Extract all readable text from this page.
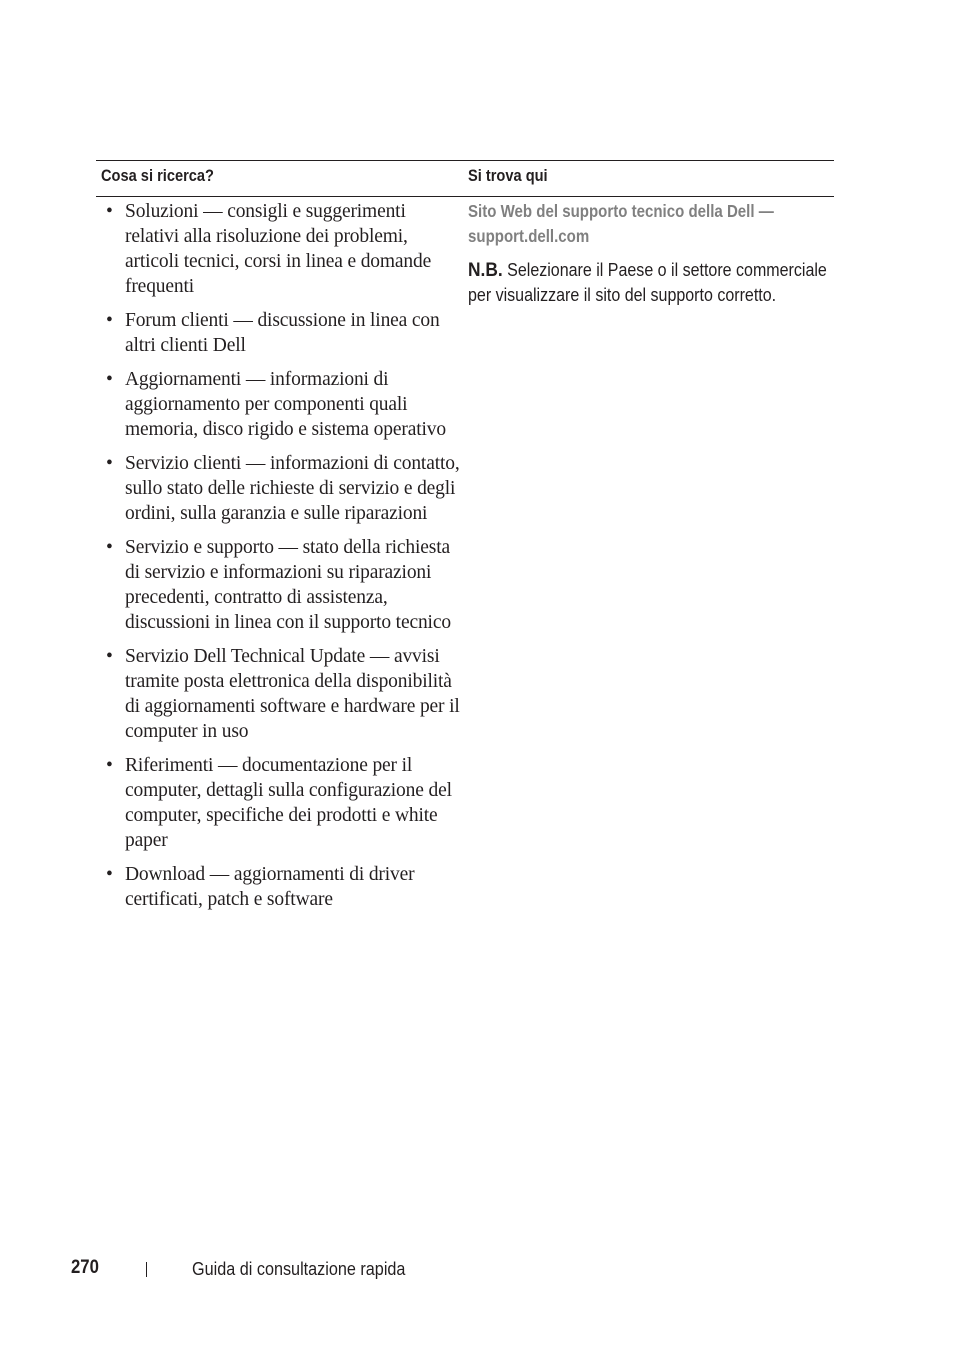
Cosa si ricerca?	Si trova qui
• Soluzioni — consigli e suggerimenti relativi alla risoluzione dei problemi, articoli tecnici, corsi in linea e domande frequenti
• Forum clienti — discussione in linea con altri clienti Dell
• Aggiornamenti — informazioni di aggiornamento per componenti quali memoria, disco rigido e sistema operativo
• Servizio clienti — informazioni di contatto, sullo stato delle richieste di servizio e degli ordini, sulla garanzia e sulle riparazioni
• Servizio e supporto — stato della richiesta di servizio e informazioni su riparazioni precedenti, contratto di assistenza, discussioni in linea con il supporto tecnico
• Servizio Dell Technical Update — avvisi tramite posta elettronica della disponibilità di aggiornamenti software e hardware per il computer in uso
• Riferimenti — documentazione per il computer, dettagli sulla configurazione del computer, specifiche dei prodotti e white paper
• Download — aggiornamenti di driver certificati, patch e software

Sito Web del supporto tecnico della Dell — support.dell.com

N.B. Selezionare il Paese o il settore commerciale per visualizzare il sito del supporto corretto.
270	Guida di consultazione rapida
